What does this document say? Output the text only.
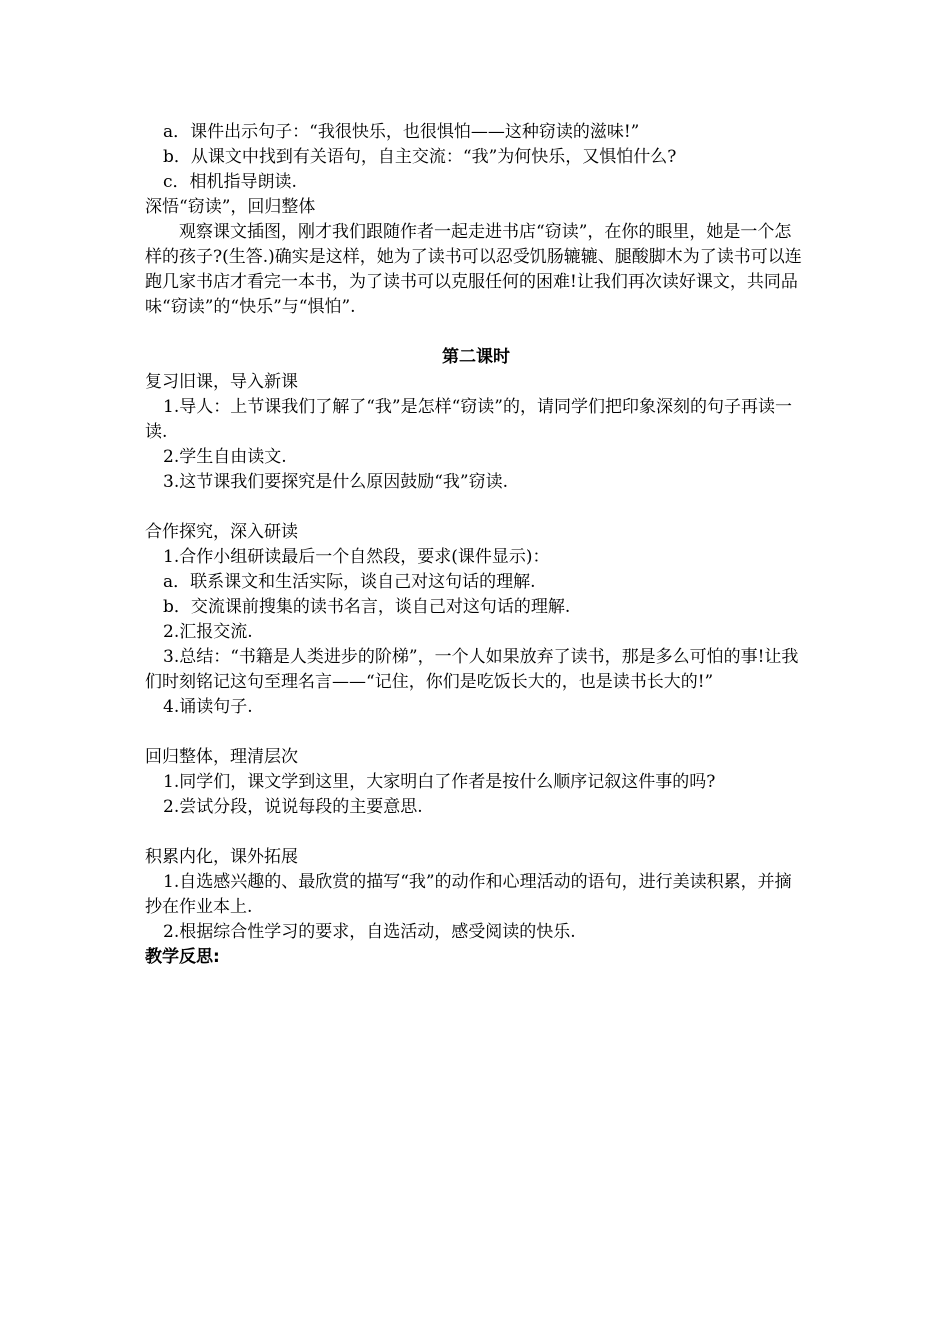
a．课件出示句子：“我很快乐，也很惧怕——这种窃读的滋味!”
b．从课文中找到有关语句，自主交流：“我”为何快乐，又惧怕什么?
c．相机指导朗读.
深悟“窃读”，回归整体
观察课文插图，刚才我们跟随作者一起走进书店“窃读”，在你的眼里，她是一个怎样的孩子?(生答.)确实是这样，她为了读书可以忍受饥肠辘辘、腿酸脚木为了读书可以连跑几家书店才看完一本书，为了读书可以克服任何的困难!让我们再次读好课文，共同品味“窃读”的“快乐”与“惧怕”.
第二课时
复习旧课，导入新课
1.导人：上节课我们了解了“我”是怎样“窃读”的，请同学们把印象深刻的句子再读一读.
2.学生自由读文.
3.这节课我们要探究是什么原因鼓励“我”窃读.
合作探究，深入研读
1.合作小组研读最后一个自然段，要求(课件显示)：
a．联系课文和生活实际，谈自己对这句话的理解.
b．交流课前搜集的读书名言，谈自己对这句话的理解.
2.汇报交流.
3.总结：“书籍是人类进步的阶梯”，一个人如果放弃了读书，那是多么可怕的事!让我们时刻铭记这句至理名言——“记住，你们是吃饭长大的，也是读书长大的!”
4.诵读句子.
回归整体，理清层次
1.同学们，课文学到这里，大家明白了作者是按什么顺序记叙这件事的吗?
2.尝试分段，说说每段的主要意思.
积累内化，课外拓展
1.自选感兴趣的、最欣赏的描写“我”的动作和心理活动的语句，进行美读积累，并摘抄在作业本上.
2.根据综合性学习的要求，自选活动，感受阅读的快乐.
教学反思:
